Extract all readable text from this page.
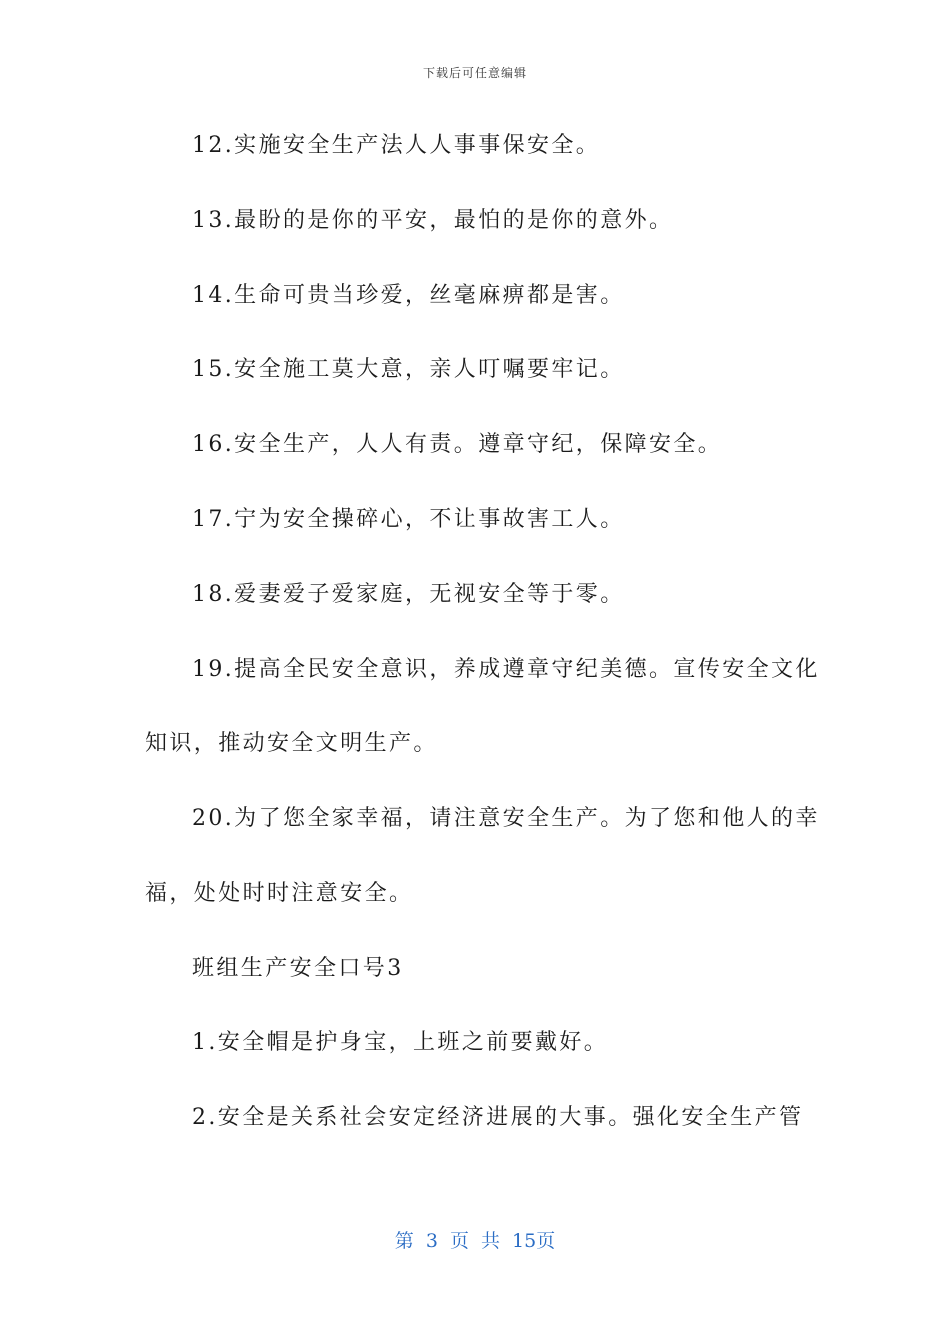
下载后可任意编辑
12.实施安全生产法人人事事保安全。
13.最盼的是你的平安，最怕的是你的意外。
14.生命可贵当珍爱，丝毫麻痹都是害。
15.安全施工莫大意，亲人叮嘱要牢记。
16.安全生产，人人有责。遵章守纪，保障安全。
17.宁为安全操碎心，不让事故害工人。
18.爱妻爱子爱家庭，无视安全等于零。
19.提高全民安全意识，养成遵章守纪美德。宣传安全文化
知识，推动安全文明生产。
20.为了您全家幸福，请注意安全生产。为了您和他人的幸
福，处处时时注意安全。
班组生产安全口号3
1.安全帽是护身宝，上班之前要戴好。
2.安全是关系社会安定经济进展的大事。强化安全生产管
第 3 页 共 15页
